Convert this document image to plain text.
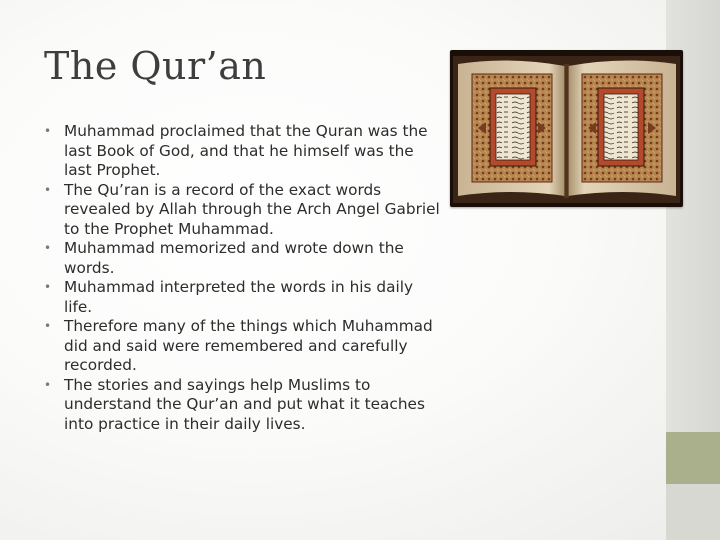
The Qur’an
• Muhammad proclaimed that the Quran was the last Book of God, and that he himself was the last Prophet.
• The Qu’ran is a record of the exact words revealed by Allah through the Arch Angel Gabriel to the Prophet Muhammad.
• Muhammad memorized and wrote down the words.
• Muhammad interpreted the words in his daily life.
• Therefore many of the things which Muhammad did and said were remembered and carefully recorded.
• The stories and sayings help Muslims to understand the Qur’an and put what it teaches into practice in their daily lives.
